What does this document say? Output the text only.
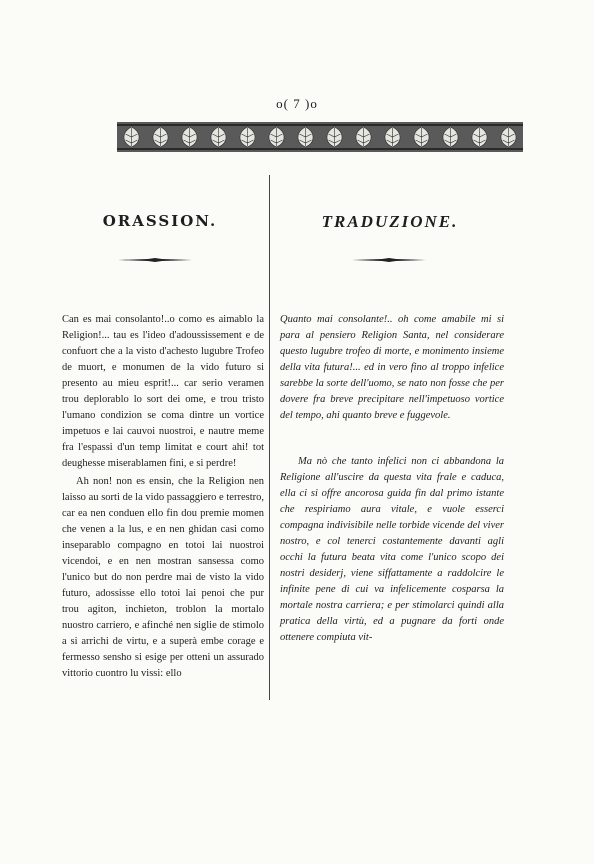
o( 7 )o
ORASSION.	TRADUZIONE.

Can es mai consolanto!..o como es aimablo la Religion!... tau es l'ideo d'adoussissement e de confuort che a la visto d'achesto lugubre Trofeo de muort, e monumen de la vido futuro si presento au mieu esprit!... car serio veramen trou deplorablo lo sort dei ome, e trou tristo l'umano condizion se coma dintre un vortice impetuos e lai cauvoi nuostroi, e nautre meme fra l'espassi d'un temp limitat e court ahi! tot deughesse miserablamen fini, e si perdre!

Ah non! non es ensin, che la Religion nen laisso au sorti de la vido passaggiero e terrestro, car ea nen conduen ello fin dou premie momen che venen a la lus, e en nen ghidan casi como inseparablo compagno en totoi lai nuostroi vicendoi, e en nen mostran sansessa como l'unico but do non perdre mai de visto la vido futuro, adossisse ello totoi lai penoi che pur trou agiton, inchieton, troblon la mortalo nuostro carriero, e afinché nen siglie de stimolo a si arrichi de virtu, e a superà embe corage e fermesso sensho si esige per otteni un assurado vittorio cuontro lu vissi: ello

Quanto mai consolante!.. oh come amabile mi si para al pensiero Religion Santa, nel considerare questo lugubre trofeo di morte, e monimento insieme della vita futura!... ed in vero fino al troppo infelice sarebbe la sorte dell'uomo, se nato non fosse che per dovere fra breve precipitare nell'impetuoso vortice del tempo, ahi quanto breve e fuggevole.

Ma nò che tanto infelici non ci abbandona la Religione all'uscire da questa vita frale e caduca, ella ci si offre ancorosa guida fin dal primo istante che respiriamo aura vitale, e vuole esserci compagna indivisibile nelle torbide vicende del viver nostro, e col tenerci costantemente davanti agli occhi la futura beata vita come l'unico scopo dei nostri desiderj, viene siffattamente a raddolcire le infinite pene di cui va infelicemente cosparsa la mortale nostra carriera; e per stimolarci quindi alla pratica della virtù, ed a pugnare da forti onde ottenere compiuta vit-
